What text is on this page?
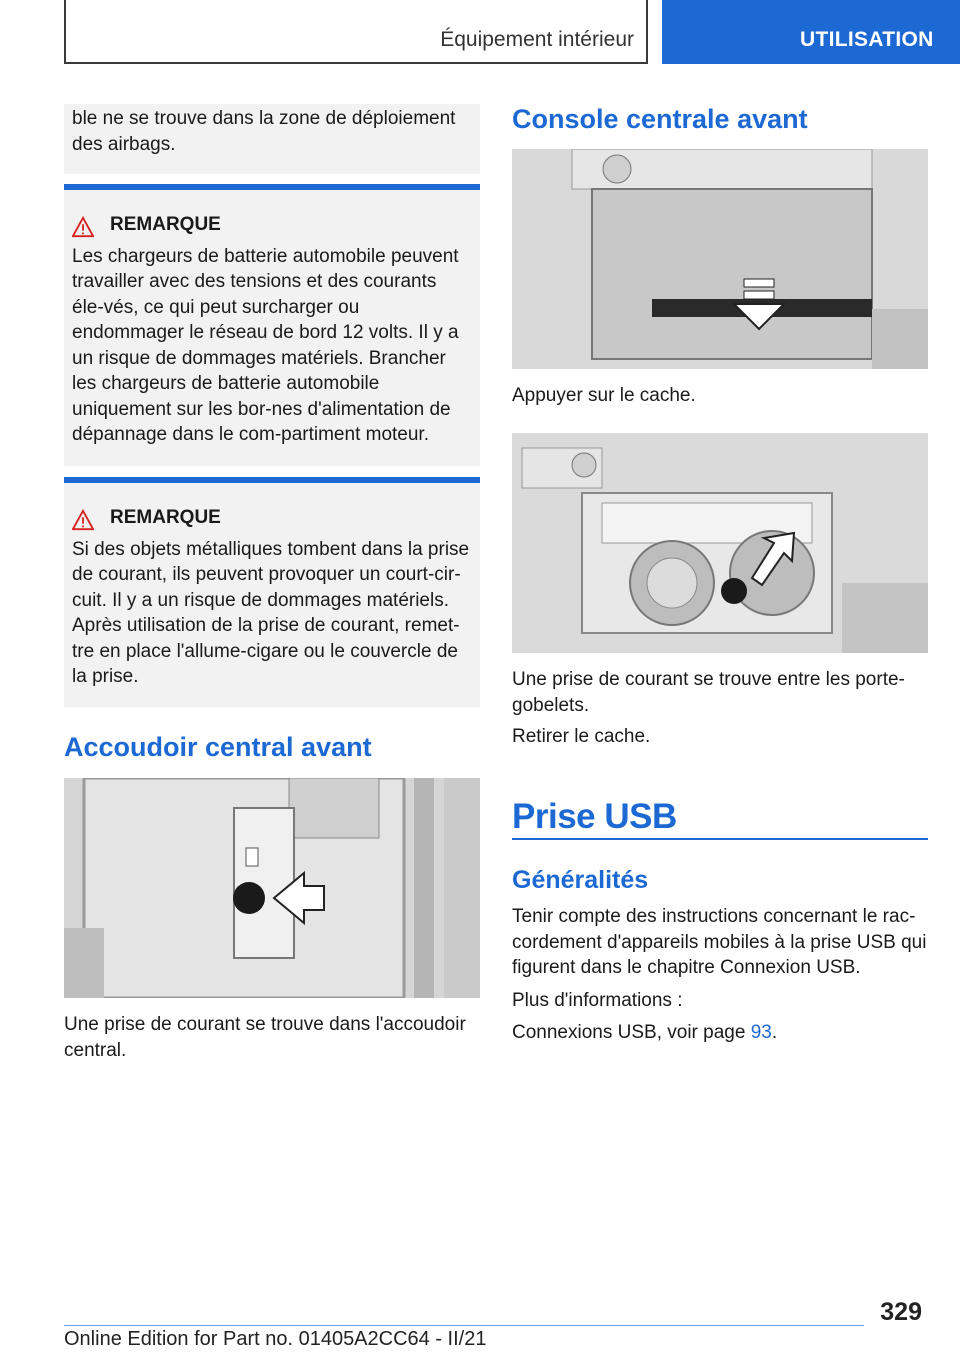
Équipement intérieur	UTILISATION

ble ne se trouve dans la zone de déploiement des airbags.

REMARQUE

Les chargeurs de batterie automobile peuvent travailler avec des tensions et des courants éle-vés, ce qui peut surcharger ou endommager le réseau de bord 12 volts. Il y a un risque de dommages matériels. Brancher les chargeurs de batterie automobile uniquement sur les bor-nes d'alimentation de dépannage dans le com-partiment moteur.

REMARQUE

Si des objets métalliques tombent dans la prise de courant, ils peuvent provoquer un court-cir-cuit. Il y a un risque de dommages matériels. Après utilisation de la prise de courant, remet-tre en place l'allume-cigare ou le couvercle de la prise.

Accoudoir central avant

Une prise de courant se trouve dans l'accoudoir central.

Console centrale avant

Appuyer sur le cache.

Une prise de courant se trouve entre les porte-gobelets.

Retirer le cache.

Prise USB
Généralités

Tenir compte des instructions concernant le rac-cordement d'appareils mobiles à la prise USB qui figurent dans le chapitre Connexion USB.

Plus d'informations :

Connexions USB, voir page 93.

329
Online Edition for Part no. 01405A2CC64 - II/21
